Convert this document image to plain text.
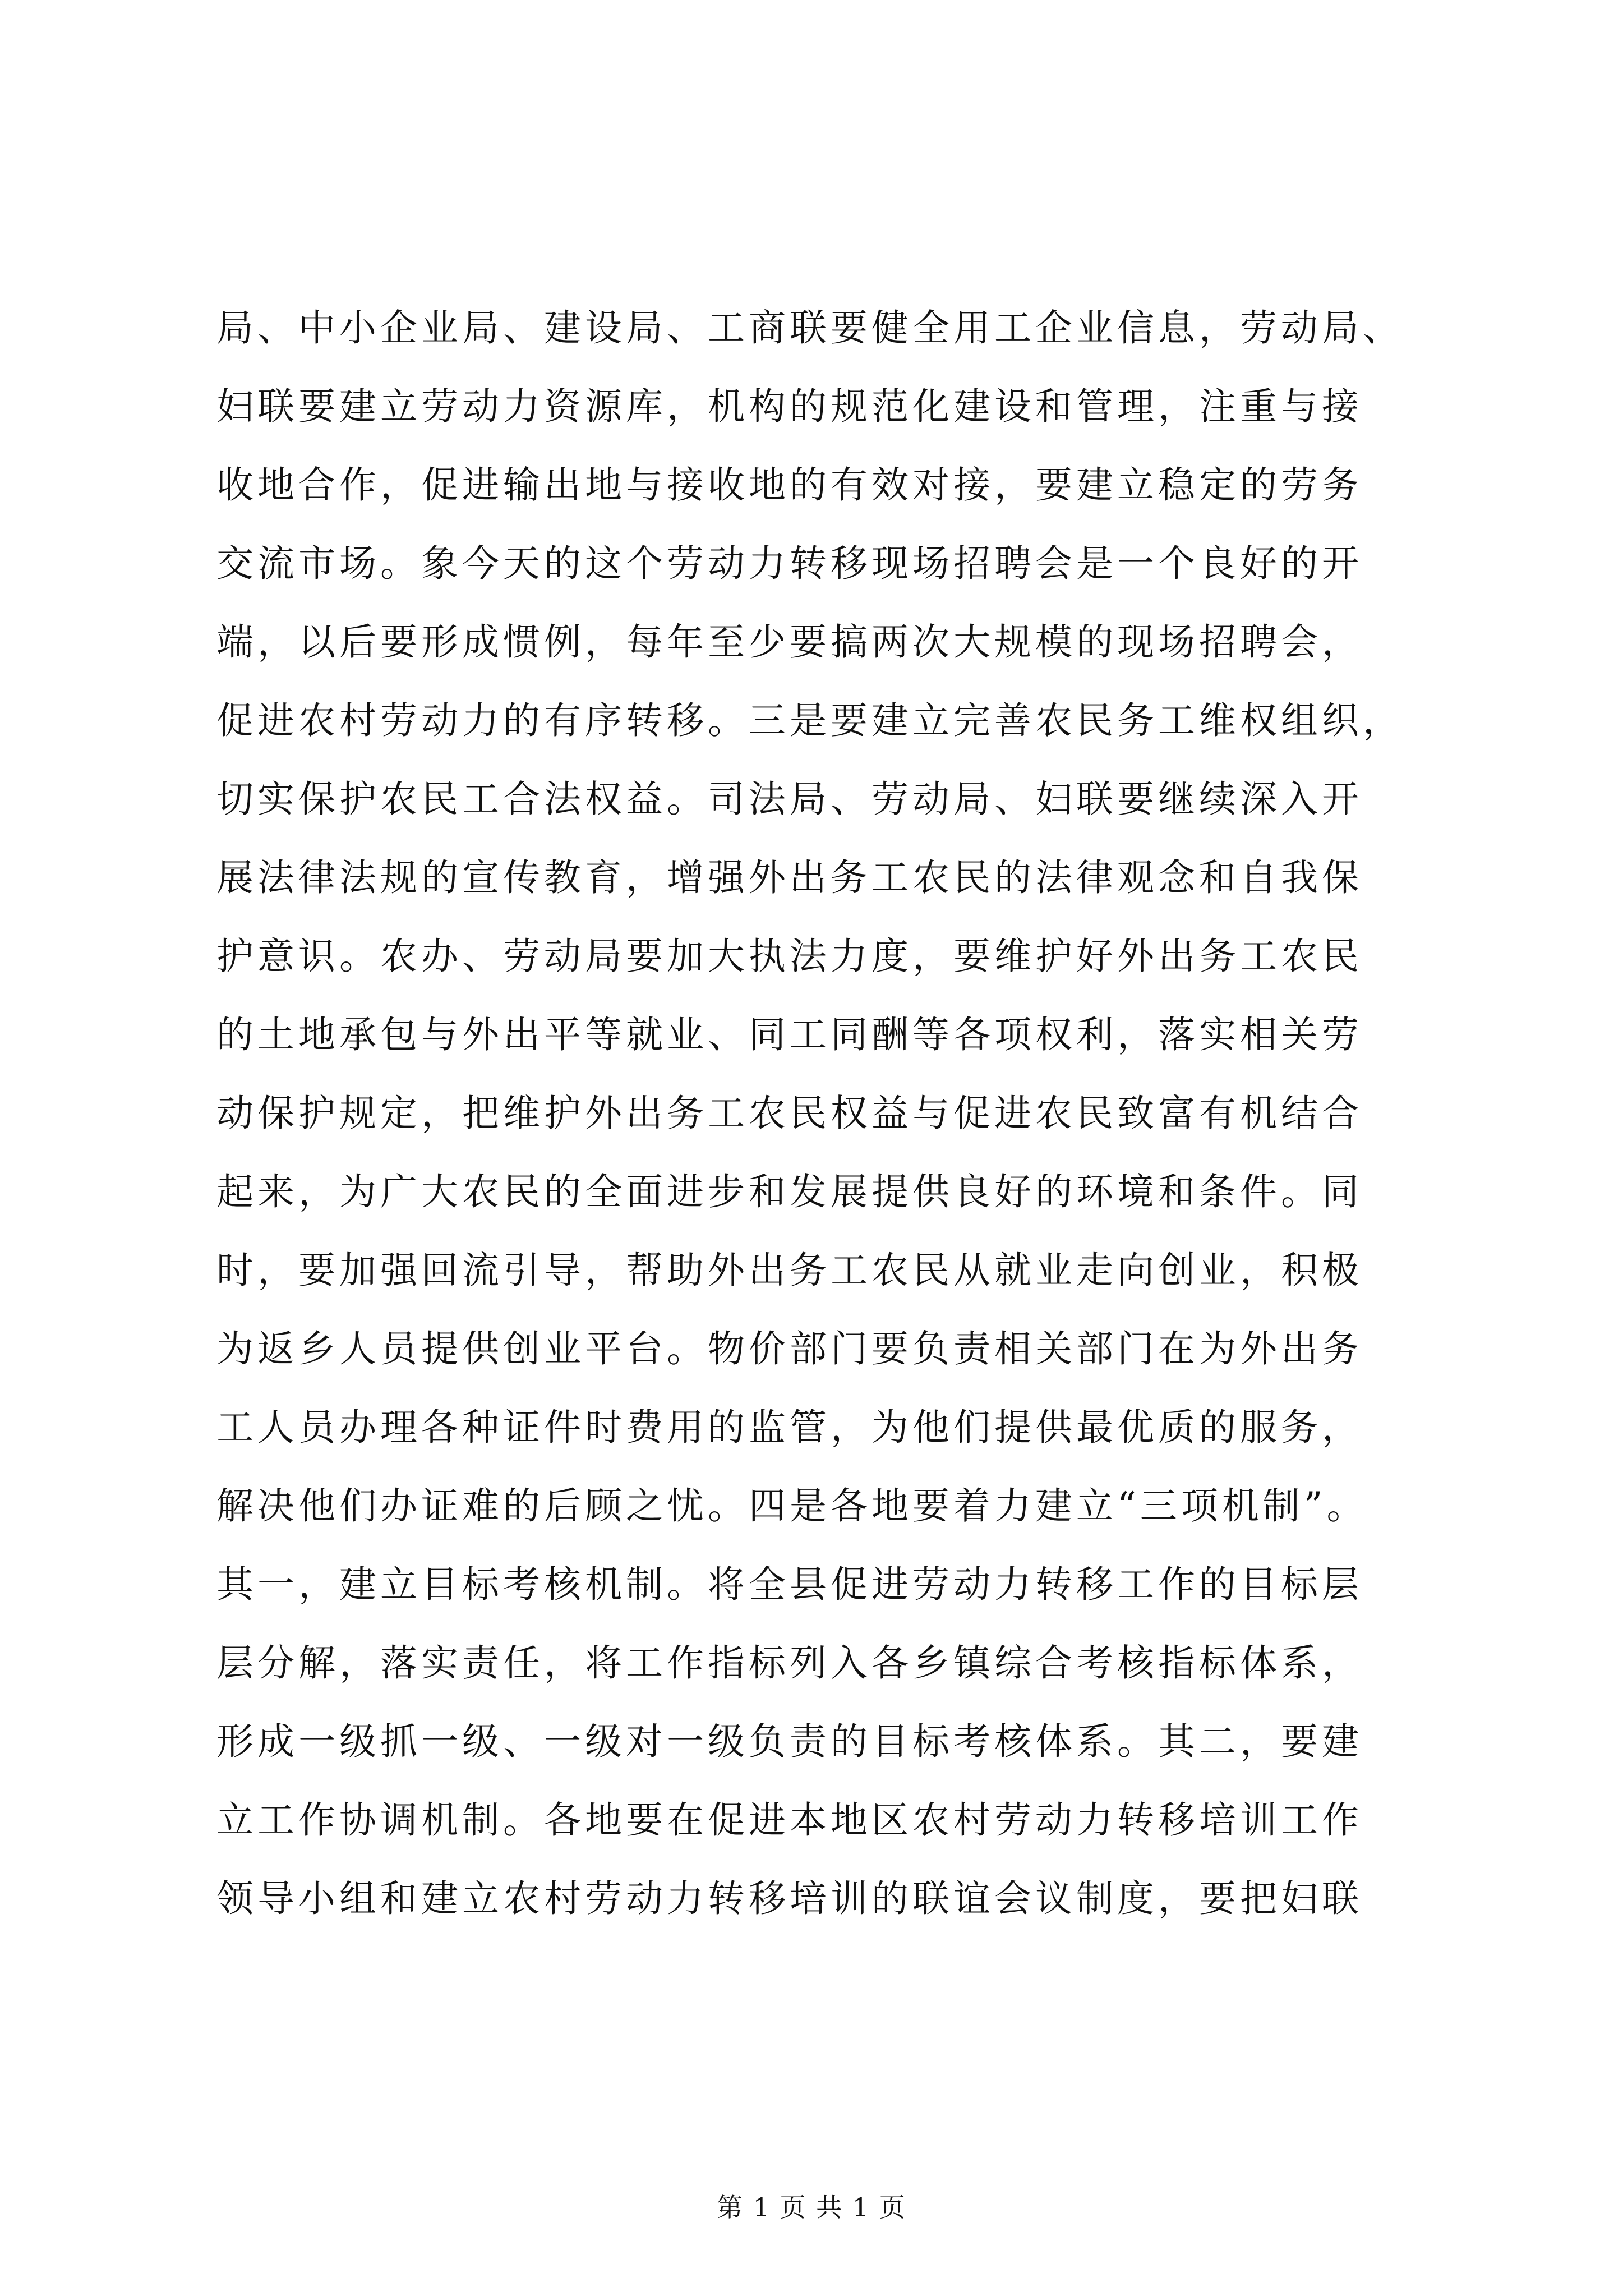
局、中小企业局、建设局、工商联要健全用工企业信息，劳动局、
妇联要建立劳动力资源库，机构的规范化建设和管理，注重与接
收地合作，促进输出地与接收地的有效对接，要建立稳定的劳务
交流市场。象今天的这个劳动力转移现场招聘会是一个良好的开
端，以后要形成惯例，每年至少要搞两次大规模的现场招聘会，
促进农村劳动力的有序转移。三是要建立完善农民务工维权组织，
切实保护农民工合法权益。司法局、劳动局、妇联要继续深入开
展法律法规的宣传教育，增强外出务工农民的法律观念和自我保
护意识。农办、劳动局要加大执法力度，要维护好外出务工农民
的土地承包与外出平等就业、同工同酬等各项权利，落实相关劳
动保护规定，把维护外出务工农民权益与促进农民致富有机结合
起来，为广大农民的全面进步和发展提供良好的环境和条件。同
时，要加强回流引导，帮助外出务工农民从就业走向创业，积极
为返乡人员提供创业平台。物价部门要负责相关部门在为外出务
工人员办理各种证件时费用的监管，为他们提供最优质的服务，
解决他们办证难的后顾之忧。四是各地要着力建立“三项机制”。
其一，建立目标考核机制。将全县促进劳动力转移工作的目标层
层分解，落实责任，将工作指标列入各乡镇综合考核指标体系，
形成一级抓一级、一级对一级负责的目标考核体系。其二，要建
立工作协调机制。各地要在促进本地区农村劳动力转移培训工作
领导小组和建立农村劳动力转移培训的联谊会议制度，要把妇联
第 1 页 共 1 页
